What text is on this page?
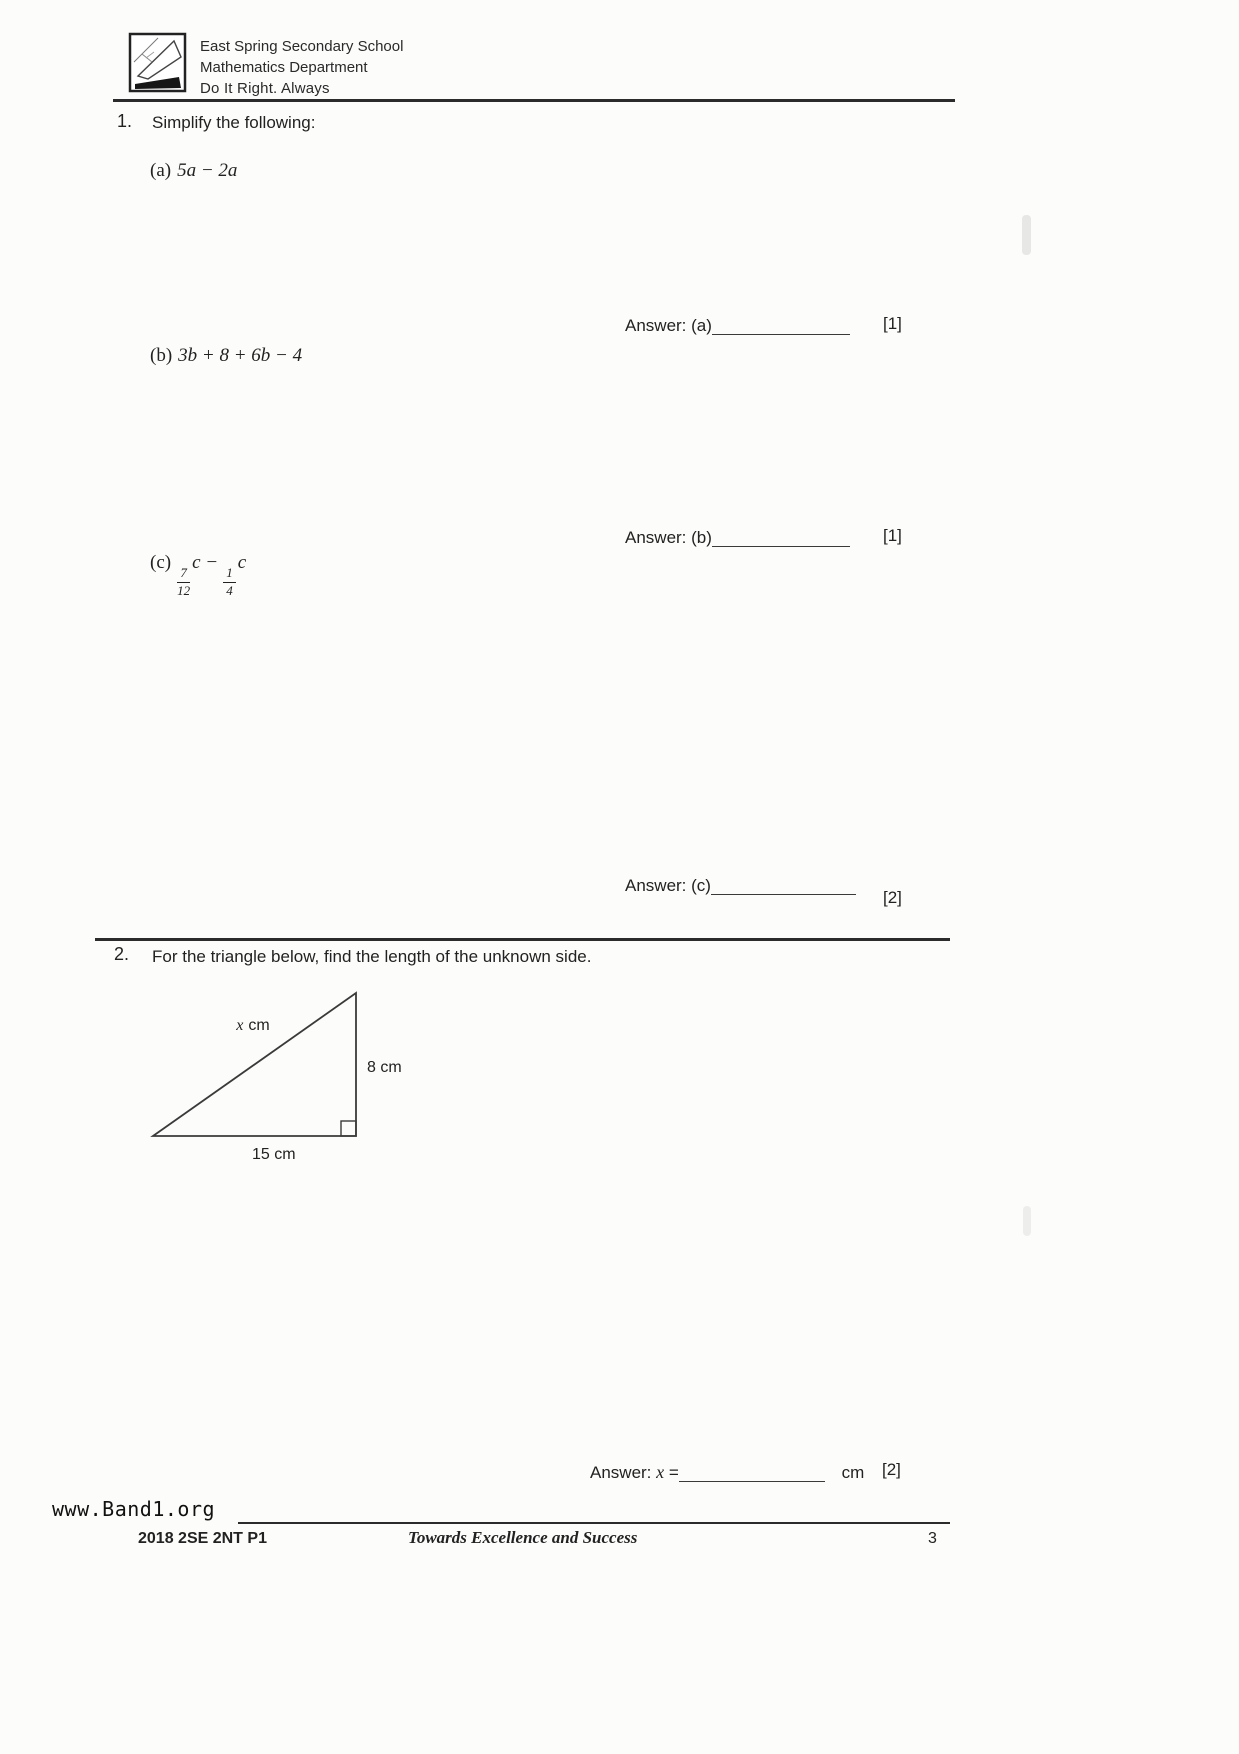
East Spring Secondary School
Mathematics Department
Do It Right. Always
1. Simplify the following:
(a) 5a − 2a
Answer: (a)	[1]
(b) 3b + 8 + 6b − 4
Answer: (b)	[1]
(c)
$\frac{7}{12}$
c −
$\frac{1}{4}$
c
Answer: (c)
[2]
2. For the triangle below, find the length of the unknown side.
x cm
8 cm
15 cm
Answer: x =	cm [2]
www.Band1.org
2018 2SE 2NT P1	Towards Excellence and Success	3
